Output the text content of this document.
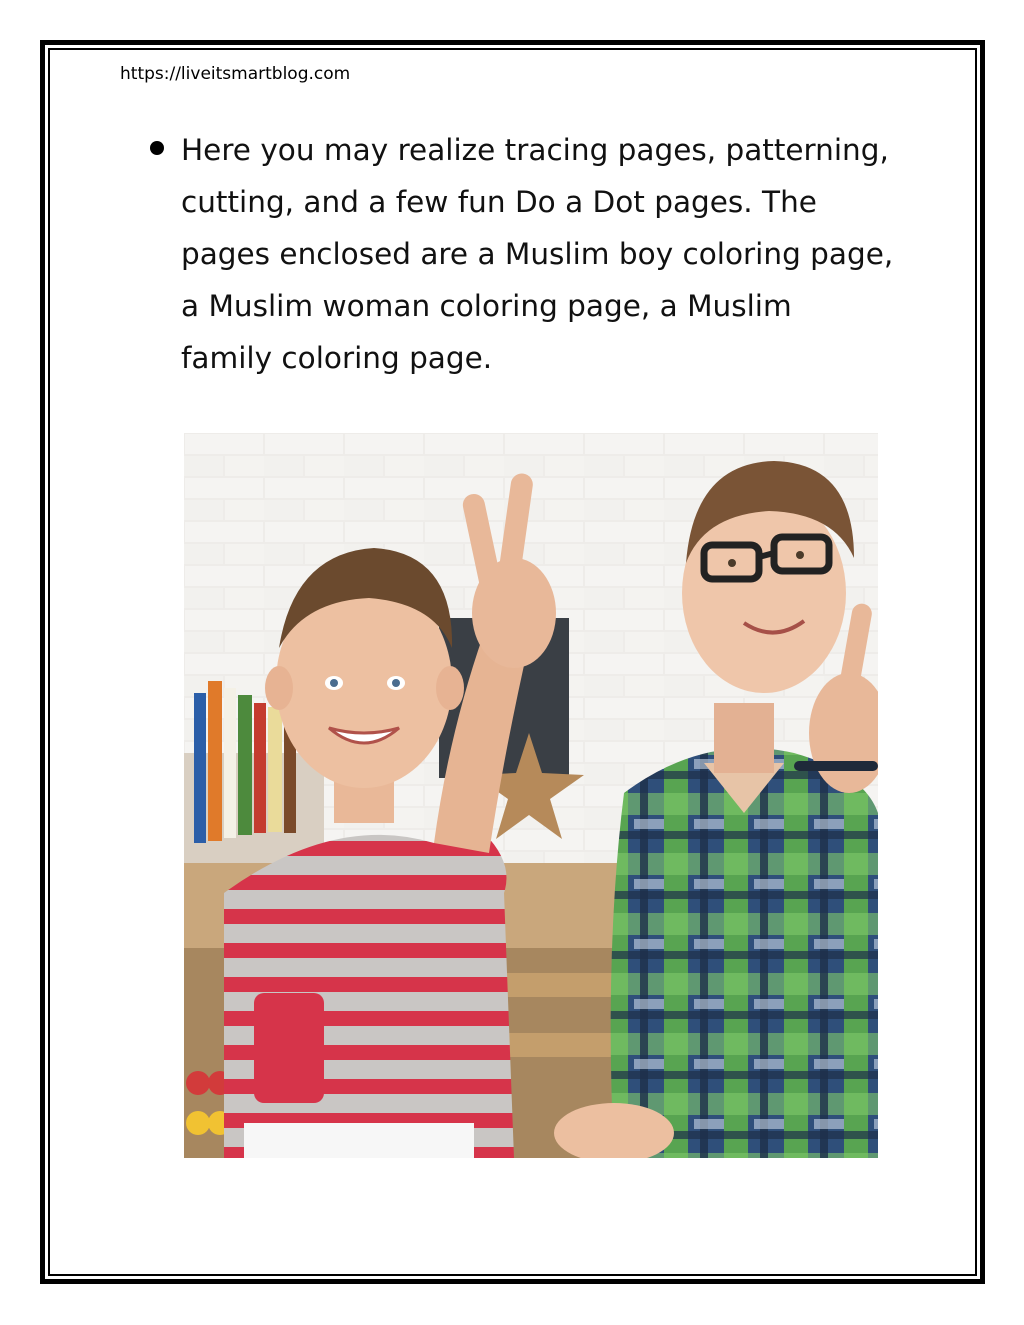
https://liveitsmartblog.com
Here you may realize tracing pages, patterning,
cutting, and a few fun Do a Dot pages. The
pages enclosed are a Muslim boy coloring page,
a Muslim woman coloring page, a Muslim
family coloring page.
